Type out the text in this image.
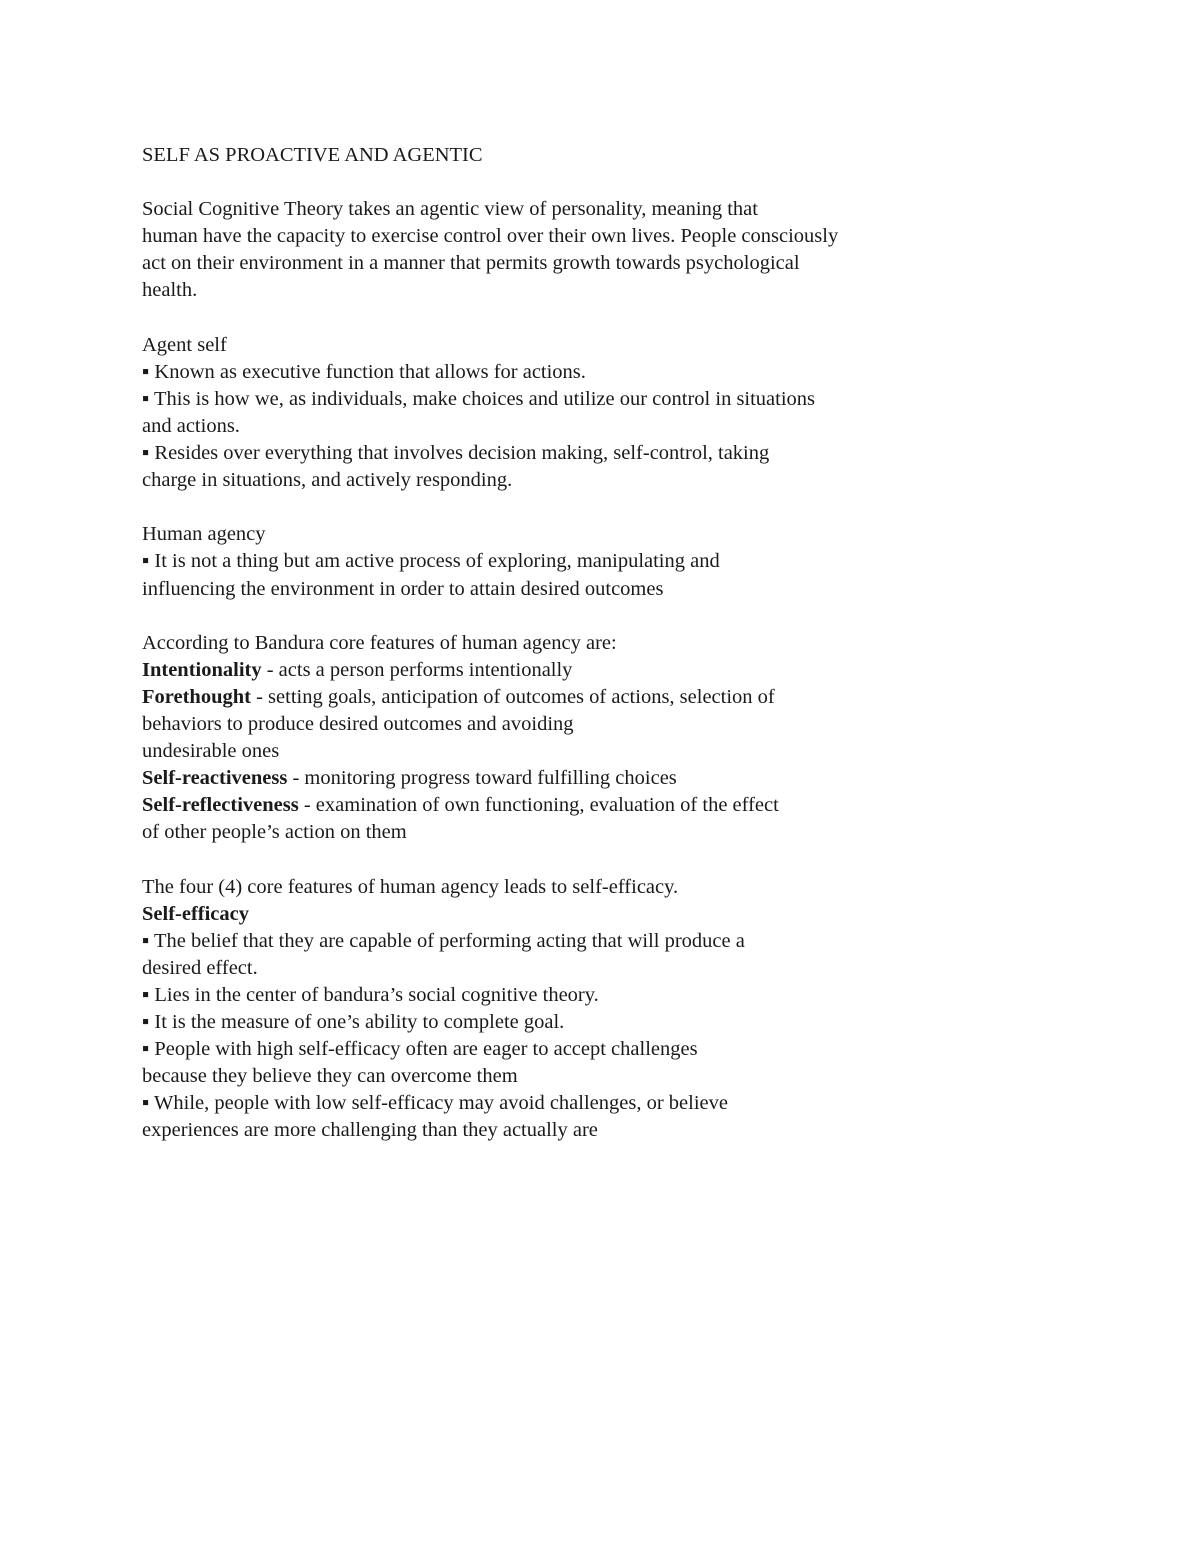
SELF AS PROACTIVE AND AGENTIC
Social Cognitive Theory takes an agentic view of personality, meaning that
human have the capacity to exercise control over their own lives. People consciously
act on their environment in a manner that permits growth towards psychological
health.
Agent self
▪ Known as executive function that allows for actions.
▪ This is how we, as individuals, make choices and utilize our control in situations
and actions.
▪ Resides over everything that involves decision making, self-control, taking
charge in situations, and actively responding.
Human agency
▪ It is not a thing but am active process of exploring, manipulating and
influencing the environment in order to attain desired outcomes
According to Bandura core features of human agency are:
Intentionality - acts a person performs intentionally
Forethought - setting goals, anticipation of outcomes of actions, selection of
behaviors to produce desired outcomes and avoiding
undesirable ones
Self-reactiveness - monitoring progress toward fulfilling choices
Self-reflectiveness - examination of own functioning, evaluation of the effect
of other people’s action on them
The four (4) core features of human agency leads to self-efficacy.
Self-efficacy
▪ The belief that they are capable of performing acting that will produce a
desired effect.
▪ Lies in the center of bandura’s social cognitive theory.
▪ It is the measure of one’s ability to complete goal.
▪ People with high self-efficacy often are eager to accept challenges
because they believe they can overcome them
▪ While, people with low self-efficacy may avoid challenges, or believe
experiences are more challenging than they actually are
